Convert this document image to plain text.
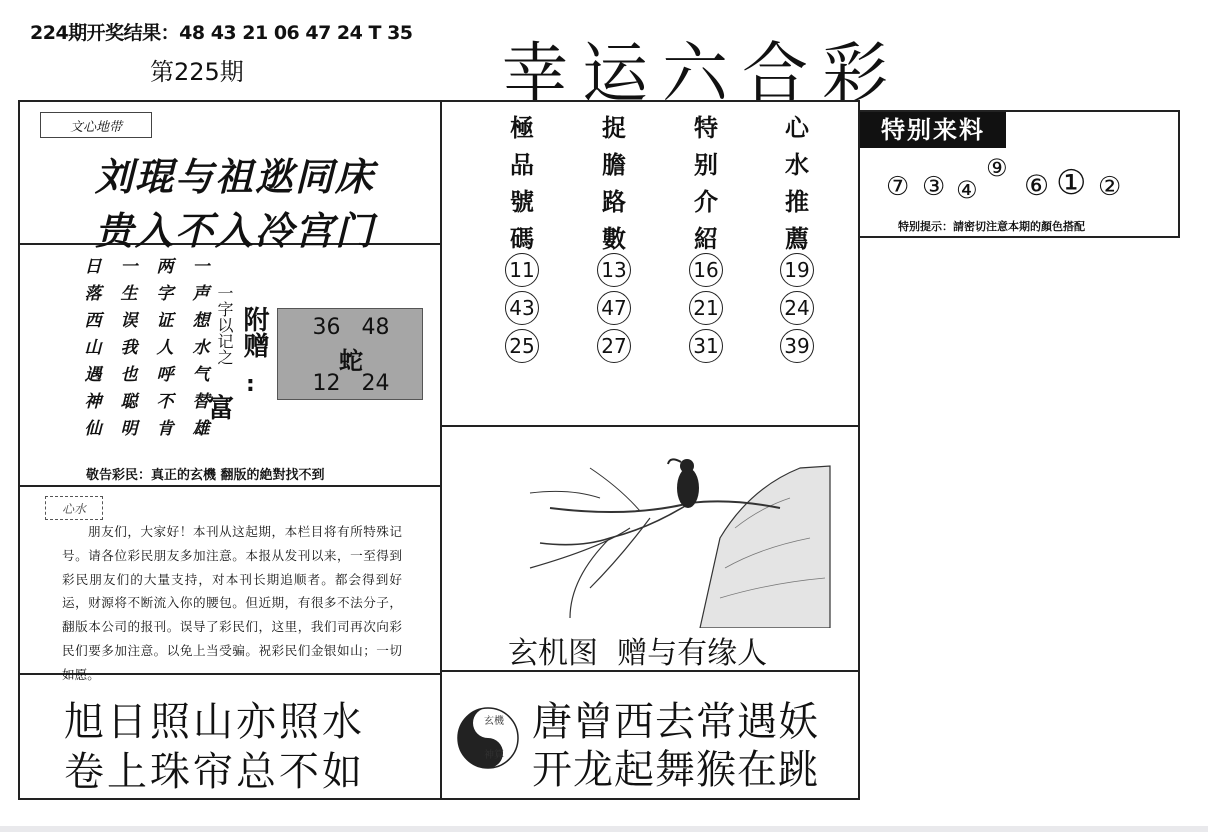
224期开奖结果：48 43 21 06 47 24 T 35
第225期	幸运六合彩
文心地带
刘琨与祖逖同床
贵入不入冷宫门
日
落
西
山
遇
神
仙
一
生
误
我
也
聪
明
两
字
证
人
呼
不
肯
一
声
想
水
气
替
雄
一字以记之 附赠
:
富
36   48
蛇
12   24
敬告彩民：真正的玄機 翻版的絶對找不到
心水
朋友们，大家好！本刊从这起期，本栏目将有所特殊记号。请各位彩民朋友多加注意。本报从发刊以来，一至得到彩民朋友们的大量支持，对本刊长期追顺者。都会得到好运，财源将不断流入你的腰包。但近期，有很多不法分子，翻版本公司的报刊。误导了彩民们，这里，我们司再次向彩民们要多加注意。以免上当受骗。祝彩民们金银如山；一切如愿。
旭日照山亦照水
卷上珠帘总不如
極
品
號
碼
11
43
25
捉
膽
路
數
13
47
27
特
别
介
紹
16
21
31
心
水
推
薦
19
24
39
玄机图  赠与有缘人
玄機
神算
唐曾西去常遇妖
开龙起舞猴在跳
特别来料
⑦ ③ ④
⑨
⑥ ① ②
特别提示：請密切注意本期的顏色搭配
